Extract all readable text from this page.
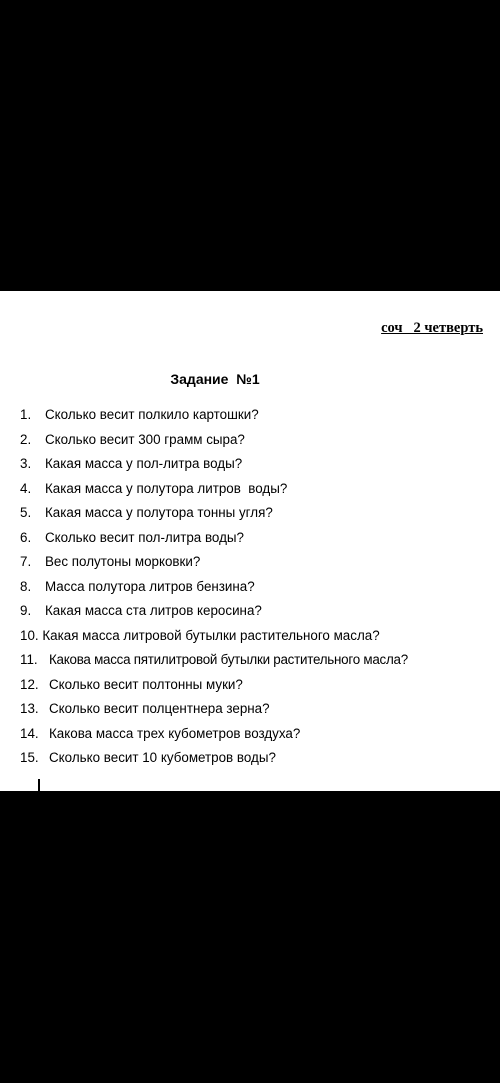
соч   2 четверть
Задание  №1
1. Сколько весит полкило картошки?
2. Сколько весит 300 грамм сыра?
3. Какая масса у пол-литра воды?
4. Какая масса у полутора литров  воды?
5. Какая масса у полутора тонны угля?
6. Сколько весит пол-литра воды?
7. Вес полутоны морковки?
8. Масса полутора литров бензина?
9. Какая масса ста литров керосина?
10. Какая масса литровой бутылки растительного масла?
11. Какова масса пятилитровой бутылки растительного масла?
12. Сколько весит полтонны муки?
13. Сколько весит полцентнера зерна?
14. Какова масса трех кубометров воздуха?
15. Сколько весит 10 кубометров воды?
